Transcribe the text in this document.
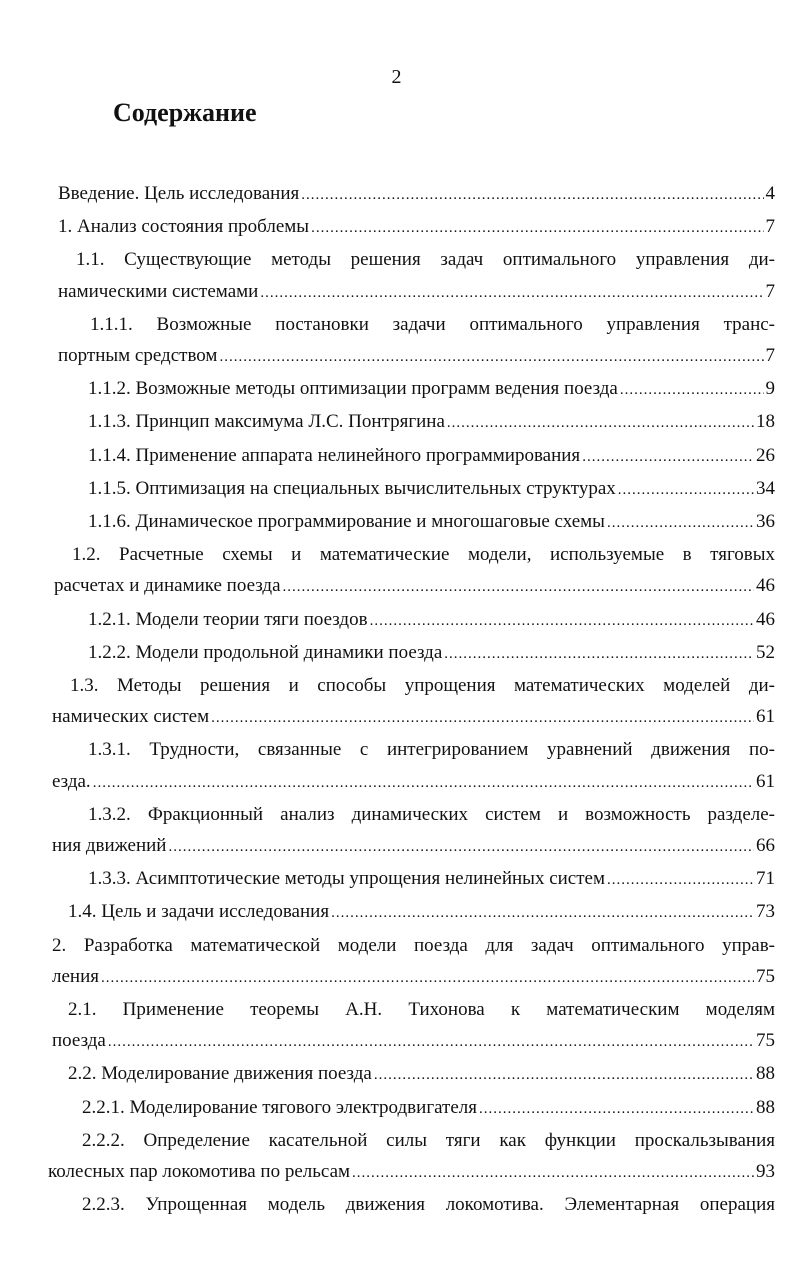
2
Содержание
Введение. Цель исследования .....	4
1. Анализ состояния проблемы .....	7
1.1. Существующие методы решения задач оптимального управления ди-
намическими системами .....	7
1.1.1. Возможные постановки задачи оптимального управления транс-
портным средством .....	7
1.1.2. Возможные методы оптимизации программ ведения поезда .....	9
1.1.3. Принцип максимума Л.С. Понтрягина .....	18
1.1.4. Применение аппарата нелинейного программирования .....	26
1.1.5. Оптимизация на специальных вычислительных структурах .....	34
1.1.6. Динамическое программирование и многошаговые схемы .....	36
1.2. Расчетные схемы и математические модели, используемые в тяговых
расчетах и динамике поезда .....	46
1.2.1. Модели теории тяги поездов .....	46
1.2.2. Модели продольной динамики поезда .....	52
1.3. Методы решения и способы упрощения математических моделей ди-
намических систем .....	61
1.3.1. Трудности, связанные с интегрированием уравнений движения по-
езда. .....	61
1.3.2. Фракционный анализ динамических систем и возможность разделе-
ния движений .....	66
1.3.3. Асимптотические методы упрощения нелинейных систем .....	71
1.4. Цель и задачи исследования .....	73
2. Разработка математической модели поезда для задач оптимального управ-
ления .....	75
2.1. Применение теоремы А.Н. Тихонова к математическим моделям
поезда .....	75
2.2. Моделирование движения поезда .....	88
2.2.1. Моделирование тягового электродвигателя .....	88
2.2.2. Определение касательной силы тяги как функции проскальзывания
колесных пар локомотива по рельсам .....	93
2.2.3. Упрощенная модель движения локомотива. Элементарная операция
